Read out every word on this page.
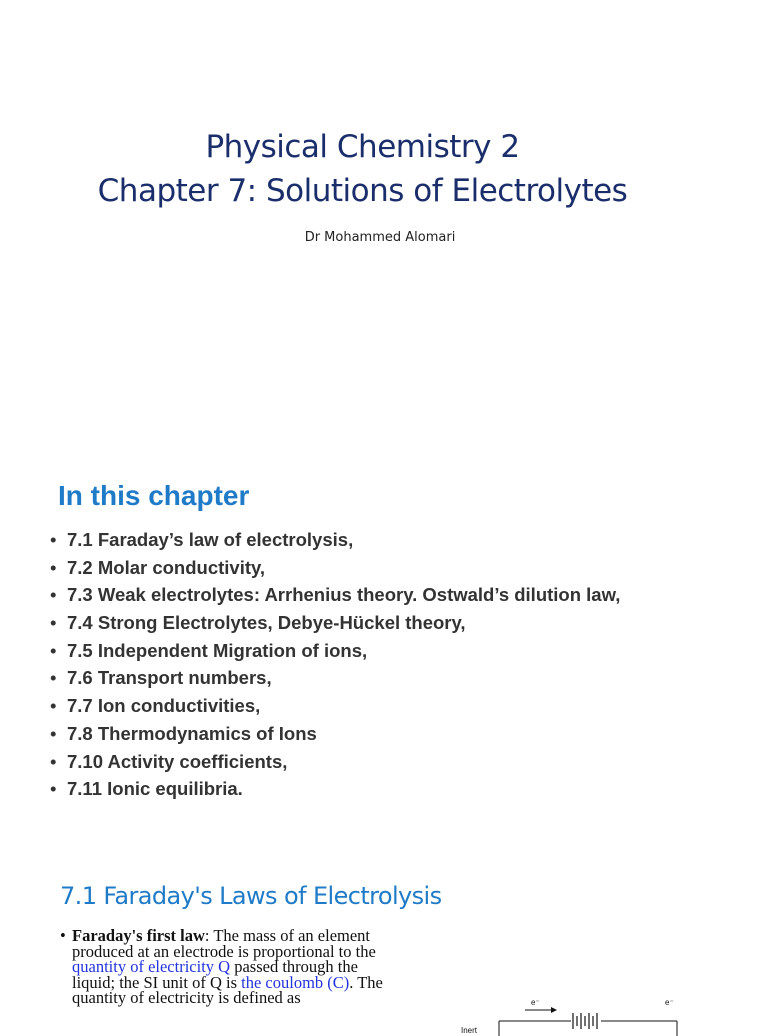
Physical Chemistry 2
Chapter 7: Solutions of Electrolytes
Dr Mohammed Alomari
In this chapter
• 7.1 Faraday’s law of electrolysis,
• 7.2 Molar conductivity,
• 7.3 Weak electrolytes: Arrhenius theory. Ostwald’s dilution law,
• 7.4 Strong Electrolytes, Debye-Hückel theory,
• 7.5 Independent Migration of ions,
• 7.6 Transport numbers,
• 7.7 Ion conductivities,
• 7.8 Thermodynamics of Ions
• 7.10 Activity coefficients,
• 7.11 Ionic equilibria.
7.1 Faraday's Laws of Electrolysis
• Faraday's first law: The mass of an element produced at an electrode is proportional to the quantity of electricity Q passed through the liquid; the SI unit of Q is the coulomb (C). The quantity of electricity is defined as	e⁻	e⁻
Inert
